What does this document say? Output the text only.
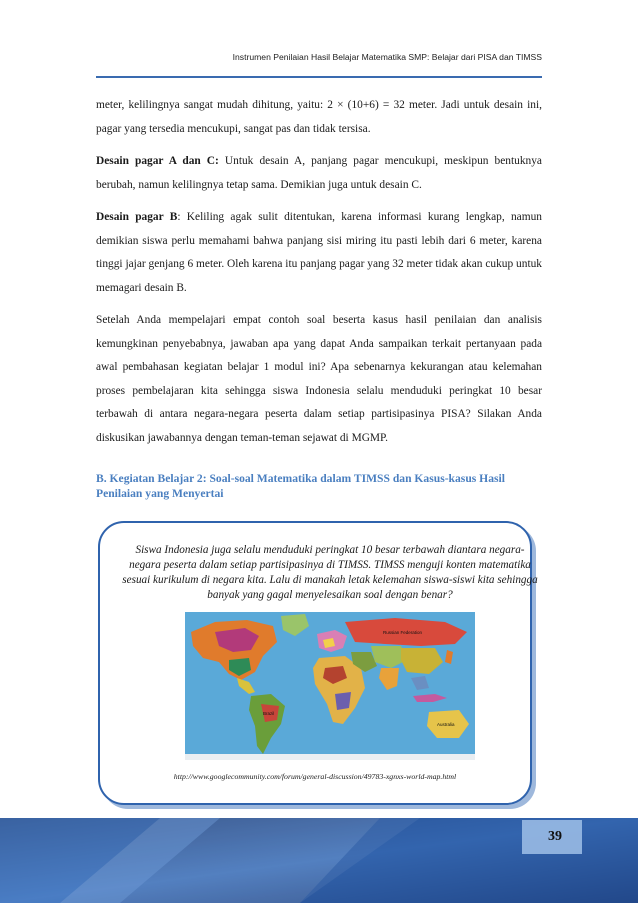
Instrumen Penilaian Hasil Belajar Matematika SMP: Belajar dari PISA dan TIMSS

meter, kelilingnya sangat mudah dihitung, yaitu: 2 × (10+6) = 32 meter. Jadi untuk desain ini, pagar yang tersedia mencukupi, sangat pas dan tidak tersisa.

Desain pagar A dan C: Untuk desain A, panjang pagar mencukupi, meskipun bentuknya berubah, namun kelilingnya tetap sama. Demikian juga untuk desain C.

Desain pagar B: Keliling agak sulit ditentukan, karena informasi kurang lengkap, namun demikian siswa perlu memahami bahwa panjang sisi miring itu pasti lebih dari 6 meter, karena tinggi jajar genjang 6 meter. Oleh karena itu panjang pagar yang 32 meter tidak akan cukup untuk memagari desain B.

Setelah Anda mempelajari empat contoh soal beserta kasus hasil penilaian dan analisis kemungkinan penyebabnya, jawaban apa yang dapat Anda sampaikan terkait pertanyaan pada awal pembahasan kegiatan belajar 1 modul ini? Apa sebenarnya kekurangan atau kelemahan proses pembelajaran kita sehingga siswa Indonesia selalu menduduki peringkat 10 besar terbawah di antara negara-negara peserta dalam setiap partisipasinya PISA? Silakan Anda diskusikan jawabannya dengan teman-teman sejawat di MGMP.

B. Kegiatan Belajar 2: Soal-soal Matematika dalam TIMSS dan Kasus-kasus Hasil Penilaian yang Menyertai
Siswa Indonesia juga selalu menduduki peringkat 10 besar terbawah diantara negara-negara peserta dalam setiap partisipasinya di TIMSS. TIMSS menguji konten matematika sesuai kurikulum di negara kita. Lalu di manakah letak kelemahan siswa-siswi kita sehingga banyak yang gagal menyelesaikan soal dengan benar?
Brazil
Russian Federation
Australia
http://www.googlecommunity.com/forum/general-discussion/49783-xgnxs-world-map.html
39
